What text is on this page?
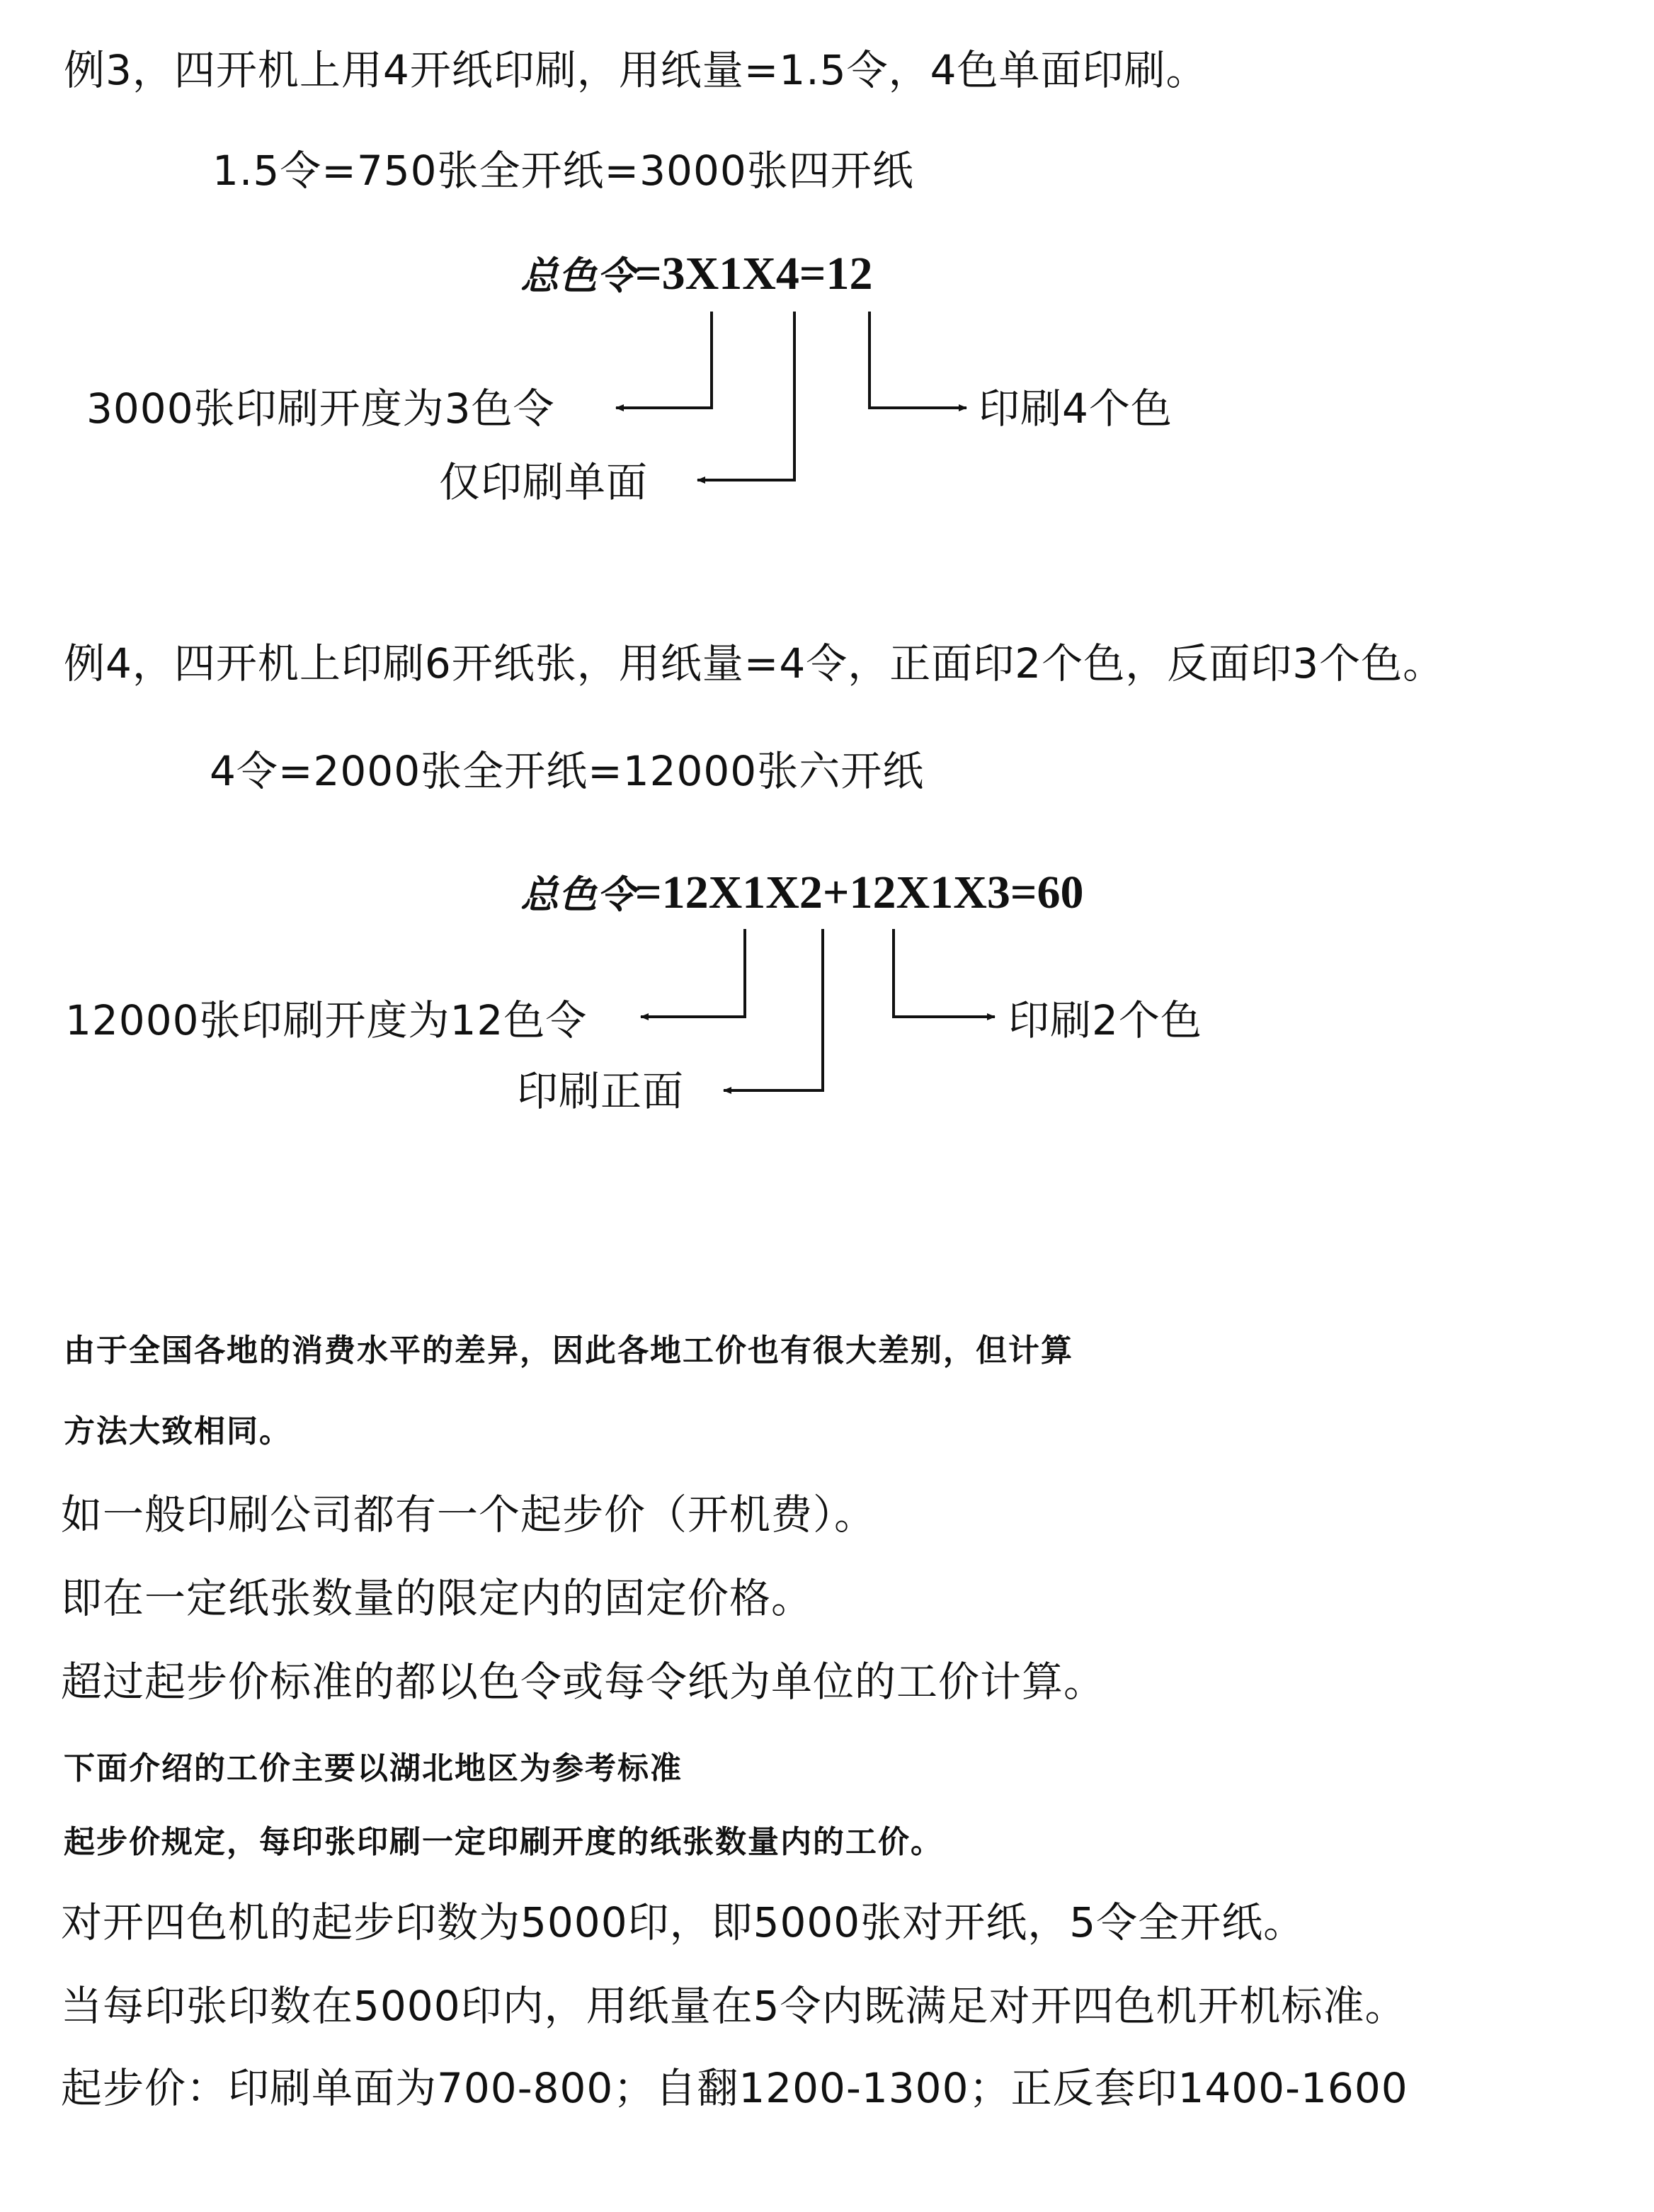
例3，四开机上用4开纸印刷，用纸量=1.5令，4色单面印刷。

1.5令=750张全开纸=3000张四开纸

总色令=3X1X4=12

3000张印刷开度为3色令

仅印刷单面

印刷4个色

例4，四开机上印刷6开纸张，用纸量=4令，正面印2个色，反面印3个色。

4令=2000张全开纸=12000张六开纸

总色令=12X1X2+12X1X3=60

12000张印刷开度为12色令

印刷正面

印刷2个色

由于全国各地的消费水平的差异，因此各地工价也有很大差别，但计算

方法大致相同。

如一般印刷公司都有一个起步价（开机费）。

即在一定纸张数量的限定内的固定价格。

超过起步价标准的都以色令或每令纸为单位的工价计算。

下面介绍的工价主要以湖北地区为参考标准

起步价规定，每印张印刷一定印刷开度的纸张数量内的工价。

对开四色机的起步印数为5000印，即5000张对开纸，5令全开纸。

当每印张印数在5000印内，用纸量在5令内既满足对开四色机开机标准。

起步价：印刷单面为700-800；自翻1200-1300；正反套印1400-1600
